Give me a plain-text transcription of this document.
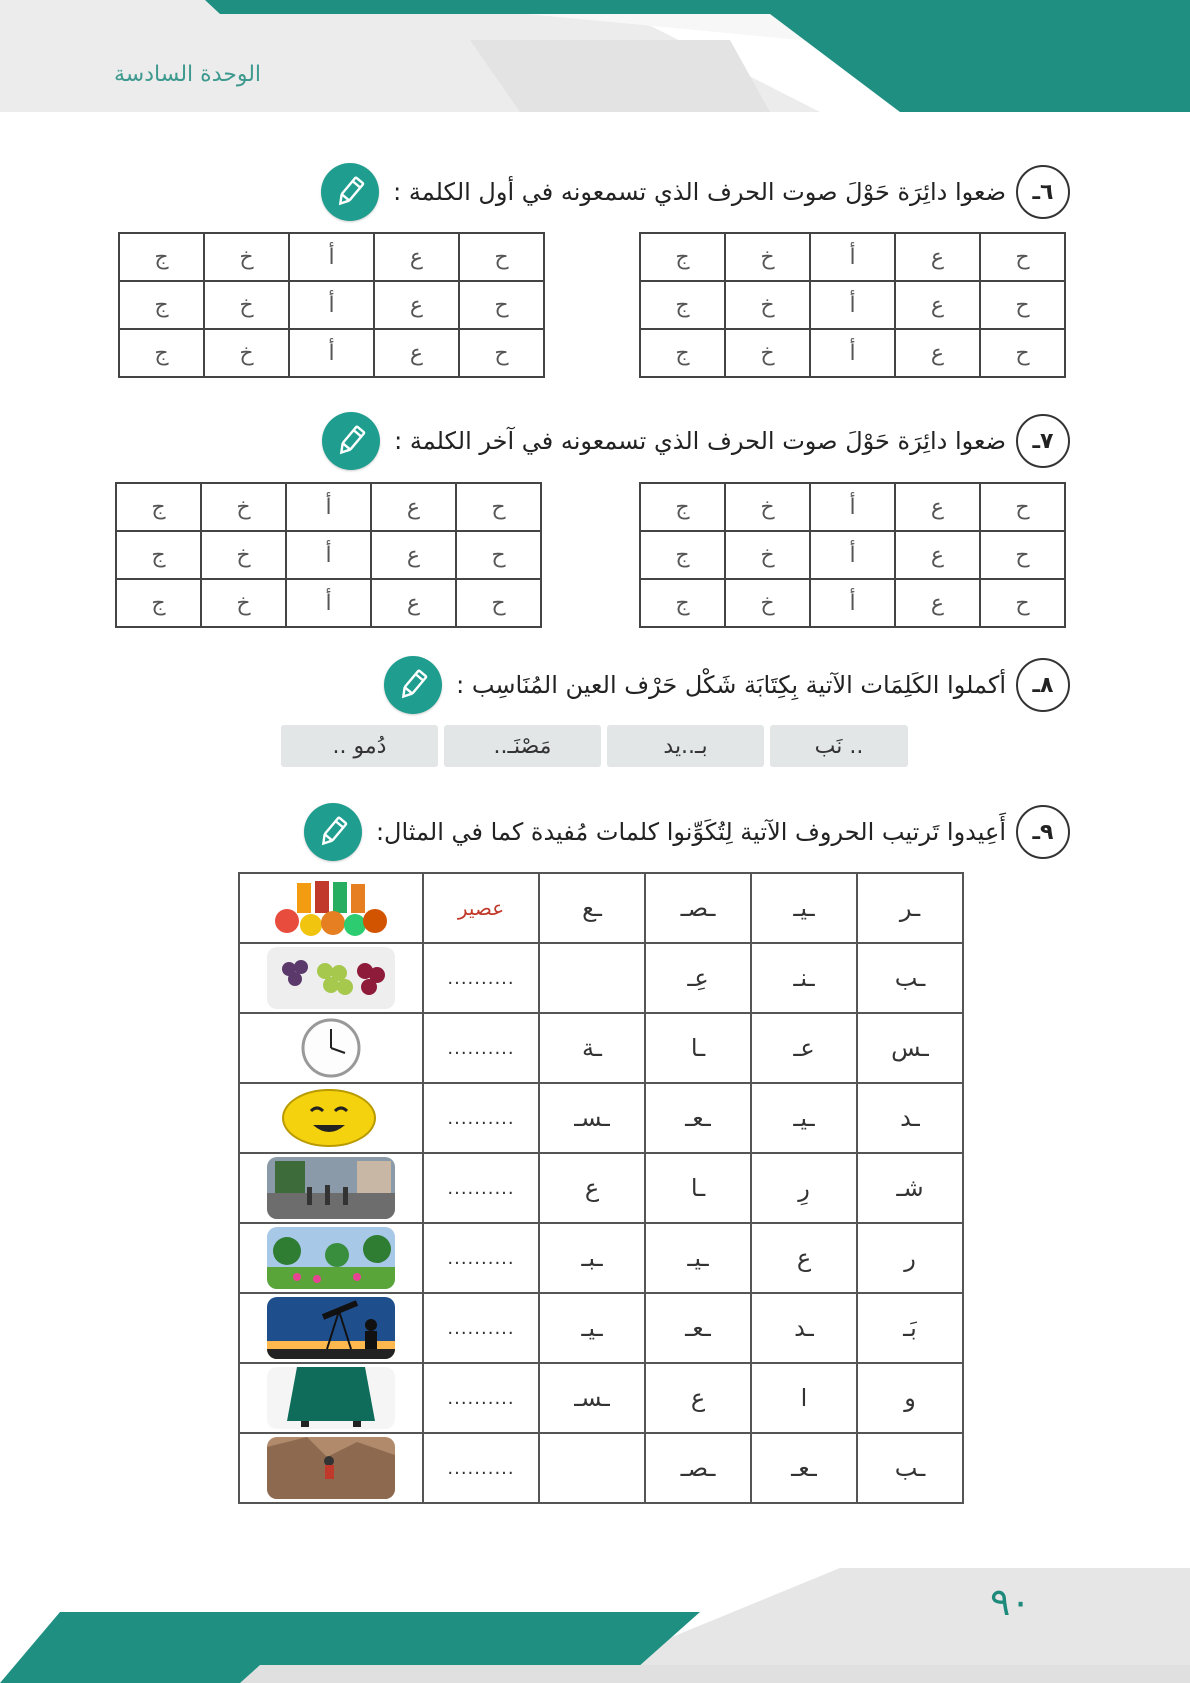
الوحدة السادسة
٦ـ
ضعوا دائِرَة حَوْلَ صوت الحرف الذي تسمعونه في أول الكلمة :
ح	ع	أ	خ	ج
ح	ع	أ	خ	ج
ح	ع	أ	خ	ج
ح	ع	أ	خ	ج
ح	ع	أ	خ	ج
ح	ع	أ	خ	ج
٧ـ
ضعوا دائِرَة حَوْلَ صوت الحرف الذي تسمعونه في آخر الكلمة :
ح	ع	أ	خ	ج
ح	ع	أ	خ	ج
ح	ع	أ	خ	ج
ح	ع	أ	خ	ج
ح	ع	أ	خ	ج
ح	ع	أ	خ	ج
٨ـ
أكملوا الكَلِمَات الآتية بِكِتَابَة شَكْل حَرْف العين المُنَاسِب :
.. نَب
بـ..يد
مَصْنَـ..
دُمو ..
٩ـ
أَعِيدوا تَرتيب الحروف الآتية لِتُكَوِّنوا كلمات مُفيدة كما في المثال:
	عصير	ـع	ـصـ	ـيـ	ـر

	..........		عِـ	ـنـ	ـب

	..........	ـة	ـا	عـ	ـس

	..........	ـسـ	ـعـ	ـيـ	ـد

	..........	ع	ـا	رِ	شـ

	..........	ـبـ	ـيـ	ع	ر

	..........	ـيـ	ـعـ	ـد	بَـ

	..........	ـسـ	ع	ا	و

	..........		ـصـ	ـعـ	ـب
٩٠
